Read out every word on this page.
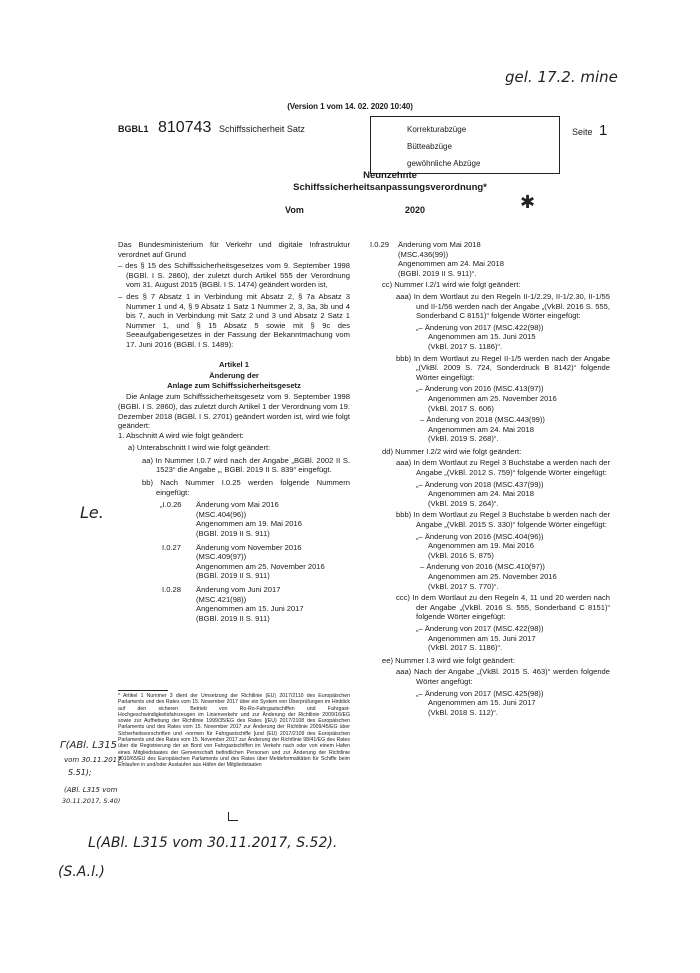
gel. 17.2. mine
(Version 1 vom 14. 02. 2020 10:40)
BGBL1 810743 Schiffssicherheit Satz	Korrekturabzüge
Bütteabzüge
gewöhnliche Abzüge
Seite 1
Neunzehnte
Schiffssicherheitsanpassungsverordnung*
Vom	2020	✱

Das Bundesministerium für Verkehr und digitale Infrastruktur verordnet auf Grund

– des § 15 des Schiffssicherheitsgesetzes vom 9. September 1998 (BGBl. I S. 2860), der zuletzt durch Artikel 555 der Verordnung vom 31. August 2015 (BGBl. I S. 1474) geändert worden ist,

– des § 7 Absatz 1 in Verbindung mit Absatz 2, § 7a Absatz 3 Nummer 1 und 4, § 9 Absatz 1 Satz 1 Nummer 2, 3, 3a, 3b und 4 bis 7, auch in Verbindung mit Satz 2 und 3 und Absatz 2 Satz 1 Nummer 1, und § 15 Absatz 5 sowie mit § 9c des Seeaufgabengesetzes in der Fassung der Bekanntmachung vom 17. Juni 2016 (BGBl. I S. 1489):

Artikel 1

Änderung der

Anlage zum Schiffssicherheitsgesetz

Die Anlage zum Schiffssicherheitsgesetz vom 9. September 1998 (BGBl. I S. 2860), das zuletzt durch Artikel 1 der Verordnung vom 19. Dezember 2018 (BGBl. I S. 2701) geändert worden ist, wird wie folgt geändert:

1. Abschnitt A wird wie folgt geändert:

a) Unterabschnitt I wird wie folgt geändert:

aa) In Nummer I.0.7 wird nach der Angabe „BGBl. 2002 II S. 1523“ die Angabe „, BGBl. 2019 II S. 839“ eingefügt.

bb) Nach Nummer I.0.25 werden folgende Nummern eingefügt:

„I.0.26	Änderung vom Mai 2016
(MSC.404(96))
Angenommen am 19. Mai 2016
(BGBl. 2019 II S. 911)
I.0.27	Änderung vom November 2016
(MSC.409(97))
Angenommen am 25. November 2016
(BGBl. 2019 II S. 911)
I.0.28	Änderung vom Juni 2017
(MSC.421(98))
Angenommen am 15. Juni 2017
(BGBl. 2019 II S. 911)
Le.
* Artikel 1 Nummer 3 dient der Umsetzung der Richtlinie (EU) 2017/2110 des Europäischen Parlaments und des Rates vom 15. November 2017 über ein System von Überprüfungen im Hinblick auf den sicheren Betrieb von Ro-Ro-Fahrgastschiffen und Fahrgast-Hochgeschwindigkeitsfahrzeugen im Linienverkehr und zur Änderung der Richtlinie 2009/16/EG sowie zur Aufhebung der Richtlinie 1999/35/EG des Rates [(EU) 2017/2108 des Europäischen Parlaments und des Rates vom 15. November 2017 zur Änderung der Richtlinie 2009/45/EG über Sicherheitsvorschriften und -normen für Fahrgastschiffe [und (EU) 2017/2109 des Europäischen Parlaments und des Rates vom 15. November 2017 zur Änderung der Richtlinie 98/41/EG des Rates über die Registrierung der an Bord von Fahrgastschiffen im Verkehr nach oder von einem Hafen eines Mitgliedstaates der Gemeinschaft befindlichen Personen und zur Änderung der Richtlinie 2010/65/EU des Europäischen Parlaments und des Rates über Meldeformalitäten für Schiffe beim Einlaufen in und/oder Auslaufen aus Häfen der Mitgliedstaaten
Γ(ABl. L315
vom 30.11.2017,
S.51);
(ABl. L315 vom
30.11.2017, S.40)
L(ABl. L315 vom 30.11.2017, S.52).
(S.A.l.)
I.0.29	Änderung vom Mai 2018
(MSC.436(99))
Angenommen am 24. Mai 2018
(BGBl. 2019 II S. 911)“.

cc) Nummer I.2/1 wird wie folgt geändert:

aaa) In dem Wortlaut zu den Regeln II-1/2.29, II-1/2.30, II-1/55 und II-1/56 werden nach der Angabe „(VkBl. 2016 S. 555, Sonderband C 8151)“ folgende Wörter eingefügt:

„– Änderung von 2017 (MSC.422(98))
Angenommen am 15. Juni 2015
(VkBl. 2017 S. 1186)“.

bbb) In dem Wortlaut zu Regel II-1/5 werden nach der Angabe „(VkBl. 2009 S. 724, Sonderdruck B 8142)“ folgende Wörter eingefügt:

„– Änderung von 2016 (MSC.413(97))
Angenommen am 25. November 2016
(VkBl. 2017 S. 606)
– Änderung von 2018 (MSC.443(99))
Angenommen am 24. Mai 2018
(VkBl. 2019 S. 268)“.

dd) Nummer I.2/2 wird wie folgt geändert:

aaa) In dem Wortlaut zu Regel 3 Buchstabe a werden nach der Angabe „(VkBl. 2012 S. 759)“ folgende Wörter eingefügt:

„– Änderung von 2018 (MSC.437(99))
Angenommen am 24. Mai 2018
(VkBl. 2019 S. 264)“.

bbb) In dem Wortlaut zu Regel 3 Buchstabe b werden nach der Angabe „(VkBl. 2015 S. 330)“ folgende Wörter eingefügt:

„– Änderung von 2016 (MSC.404(96))
Angenommen am 19. Mai 2016
(VkBl. 2016 S. 875)
– Änderung von 2016 (MSC.410(97))
Angenommen am 25. November 2016
(VkBl. 2017 S. 770)“.

ccc) In dem Wortlaut zu den Regeln 4, 11 und 20 werden nach der Angabe „(VkBl. 2016 S. 555, Sonderband C 8151)“ folgende Wörter eingefügt:

„– Änderung von 2017 (MSC.422(98))
Angenommen am 15. Juni 2017
(VkBl. 2017 S. 1186)“.

ee) Nummer I.3 wird wie folgt geändert:

aaa) Nach der Angabe „(VkBl. 2015 S. 463)“ werden folgende Wörter angefügt:

„– Änderung von 2017 (MSC.425(98))
Angenommen am 15. Juni 2017
(VkBl. 2018 S. 112)“.
